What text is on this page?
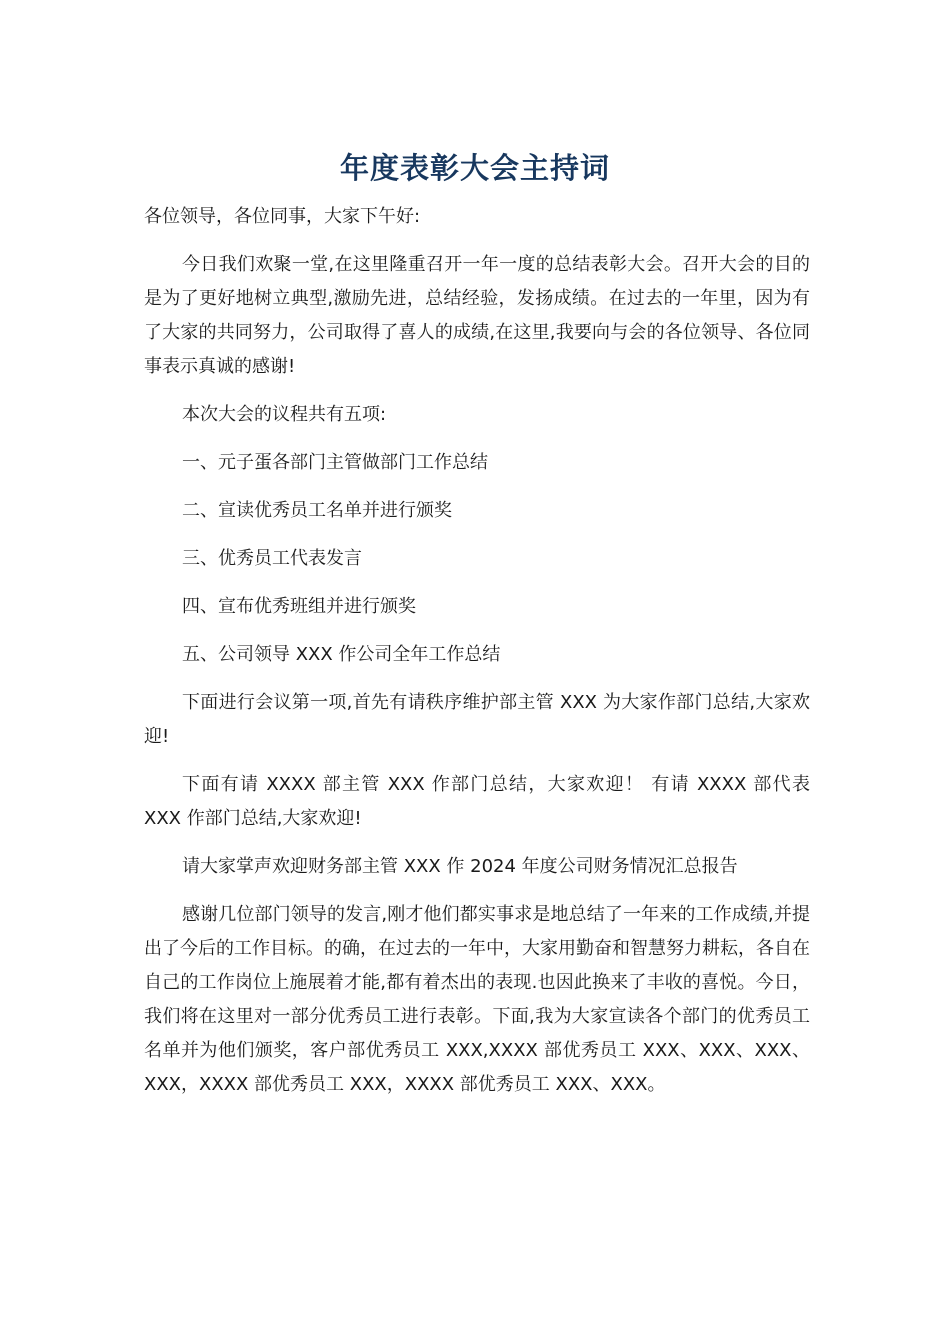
年度表彰大会主持词

各位领导，各位同事，大家下午好:

今日我们欢聚一堂,在这里隆重召开一年一度的总结表彰大会。召开大会的目的是为了更好地树立典型,激励先进，总结经验，发扬成绩。在过去的一年里，因为有了大家的共同努力，公司取得了喜人的成绩,在这里,我要向与会的各位领导、各位同事表示真诚的感谢!

本次大会的议程共有五项:

一、元子蛋各部门主管做部门工作总结

二、宣读优秀员工名单并进行颁奖

三、优秀员工代表发言

四、宣布优秀班组并进行颁奖

五、公司领导 XXX 作公司全年工作总结

下面进行会议第一项,首先有请秩序维护部主管 XXX 为大家作部门总结,大家欢迎!

下面有请 XXXX 部主管 XXX 作部门总结，大家欢迎！ 有请 XXXX 部代表 XXX 作部门总结,大家欢迎!

请大家掌声欢迎财务部主管 XXX 作 2024 年度公司财务情况汇总报告

感谢几位部门领导的发言,刚才他们都实事求是地总结了一年来的工作成绩,并提出了今后的工作目标。的确，在过去的一年中，大家用勤奋和智慧努力耕耘，各自在自己的工作岗位上施展着才能,都有着杰出的表现.也因此换来了丰收的喜悦。今日，我们将在这里对一部分优秀员工进行表彰。下面,我为大家宣读各个部门的优秀员工名单并为他们颁奖，客户部优秀员工 XXX,XXXX 部优秀员工 XXX、XXX、XXX、XXX，XXXX 部优秀员工 XXX，XXXX 部优秀员工 XXX、XXX。
